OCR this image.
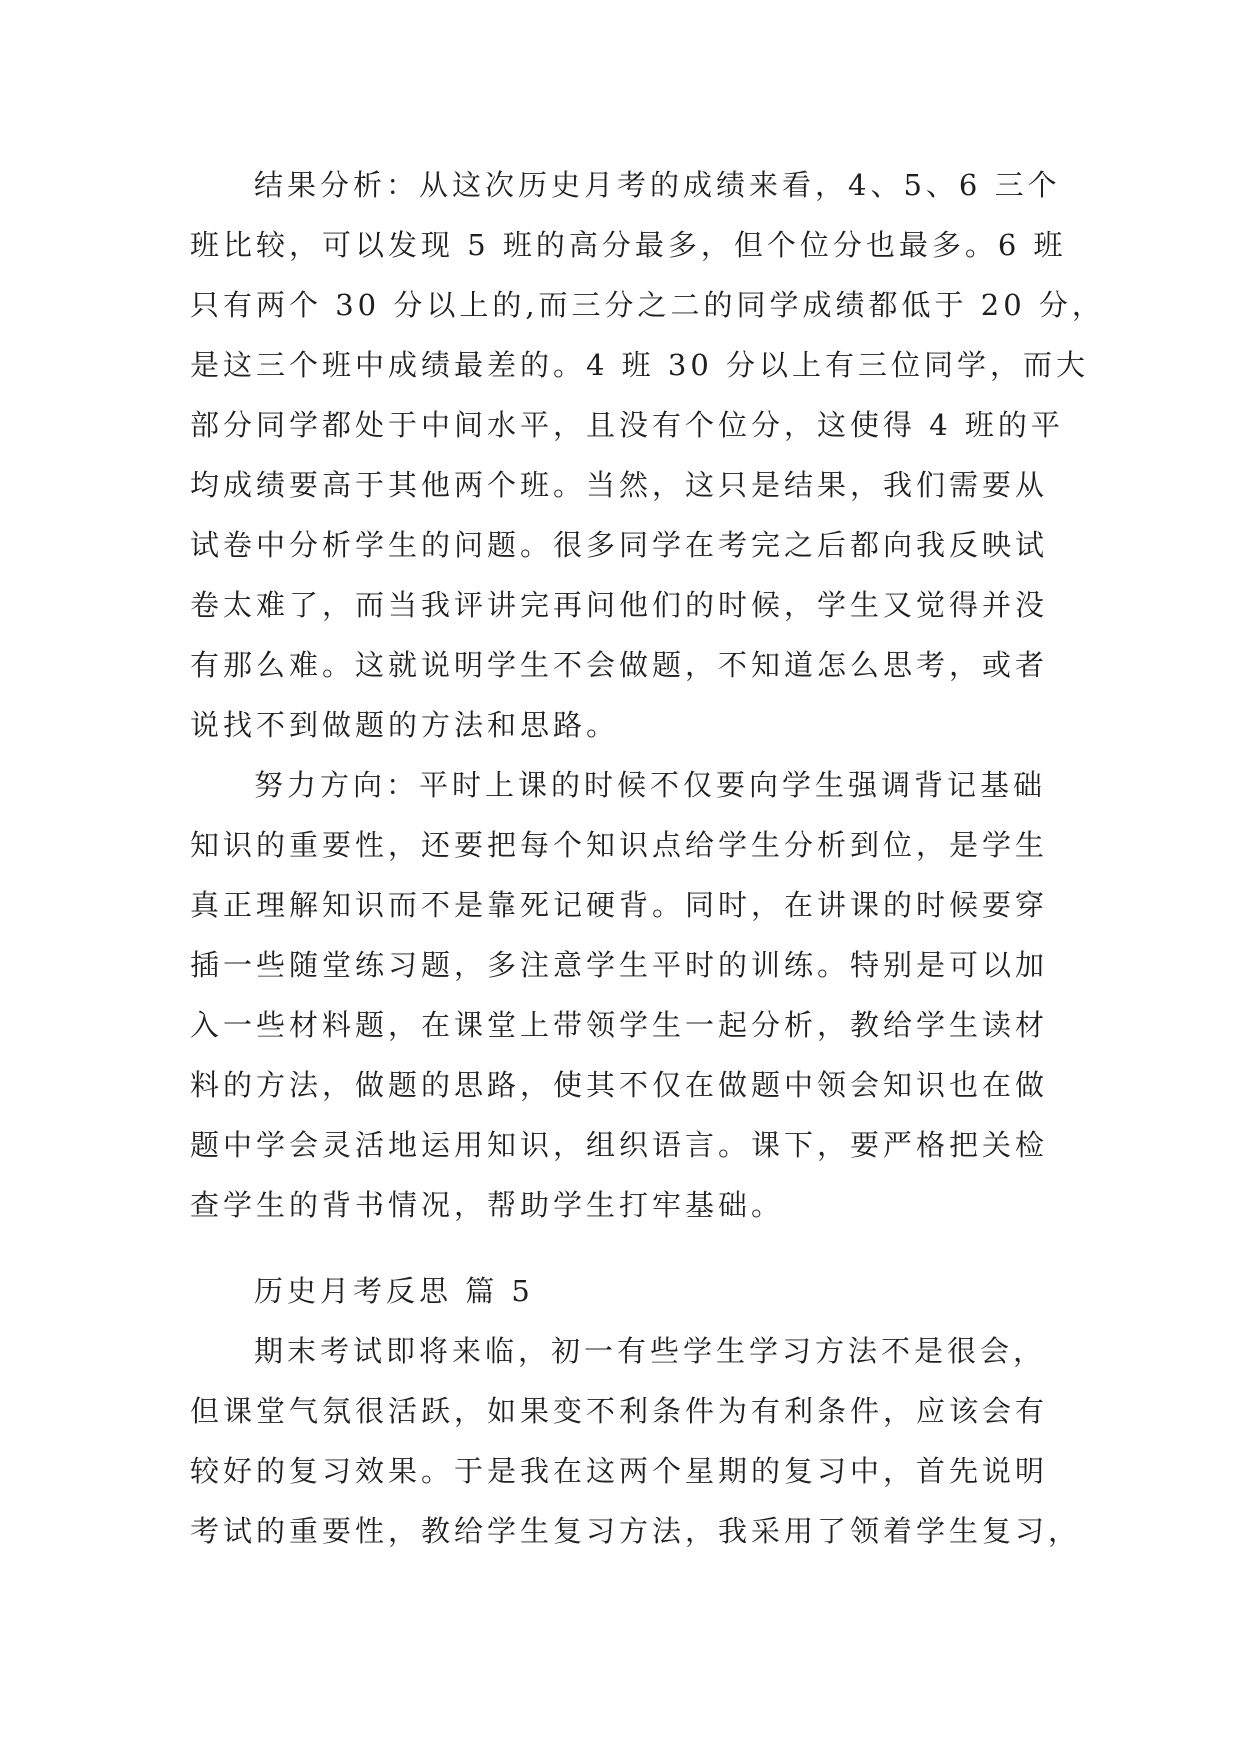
结果分析：从这次历史月考的成绩来看，4、5、6 三个

班比较，可以发现 5 班的高分最多，但个位分也最多。6 班

只有两个 30 分以上的,而三分之二的同学成绩都低于 20 分，

是这三个班中成绩最差的。4 班 30 分以上有三位同学，而大

部分同学都处于中间水平，且没有个位分，这使得 4 班的平

均成绩要高于其他两个班。当然，这只是结果，我们需要从

试卷中分析学生的问题。很多同学在考完之后都向我反映试

卷太难了，而当我评讲完再问他们的时候，学生又觉得并没

有那么难。这就说明学生不会做题，不知道怎么思考，或者

说找不到做题的方法和思路。

努力方向：平时上课的时候不仅要向学生强调背记基础

知识的重要性，还要把每个知识点给学生分析到位，是学生

真正理解知识而不是靠死记硬背。同时，在讲课的时候要穿

插一些随堂练习题，多注意学生平时的训练。特别是可以加

入一些材料题，在课堂上带领学生一起分析，教给学生读材

料的方法，做题的思路，使其不仅在做题中领会知识也在做

题中学会灵活地运用知识，组织语言。课下，要严格把关检

查学生的背书情况，帮助学生打牢基础。

历史月考反思 篇 5

期末考试即将来临，初一有些学生学习方法不是很会，

但课堂气氛很活跃，如果变不利条件为有利条件，应该会有

较好的复习效果。于是我在这两个星期的复习中，首先说明

考试的重要性，教给学生复习方法，我采用了领着学生复习，
